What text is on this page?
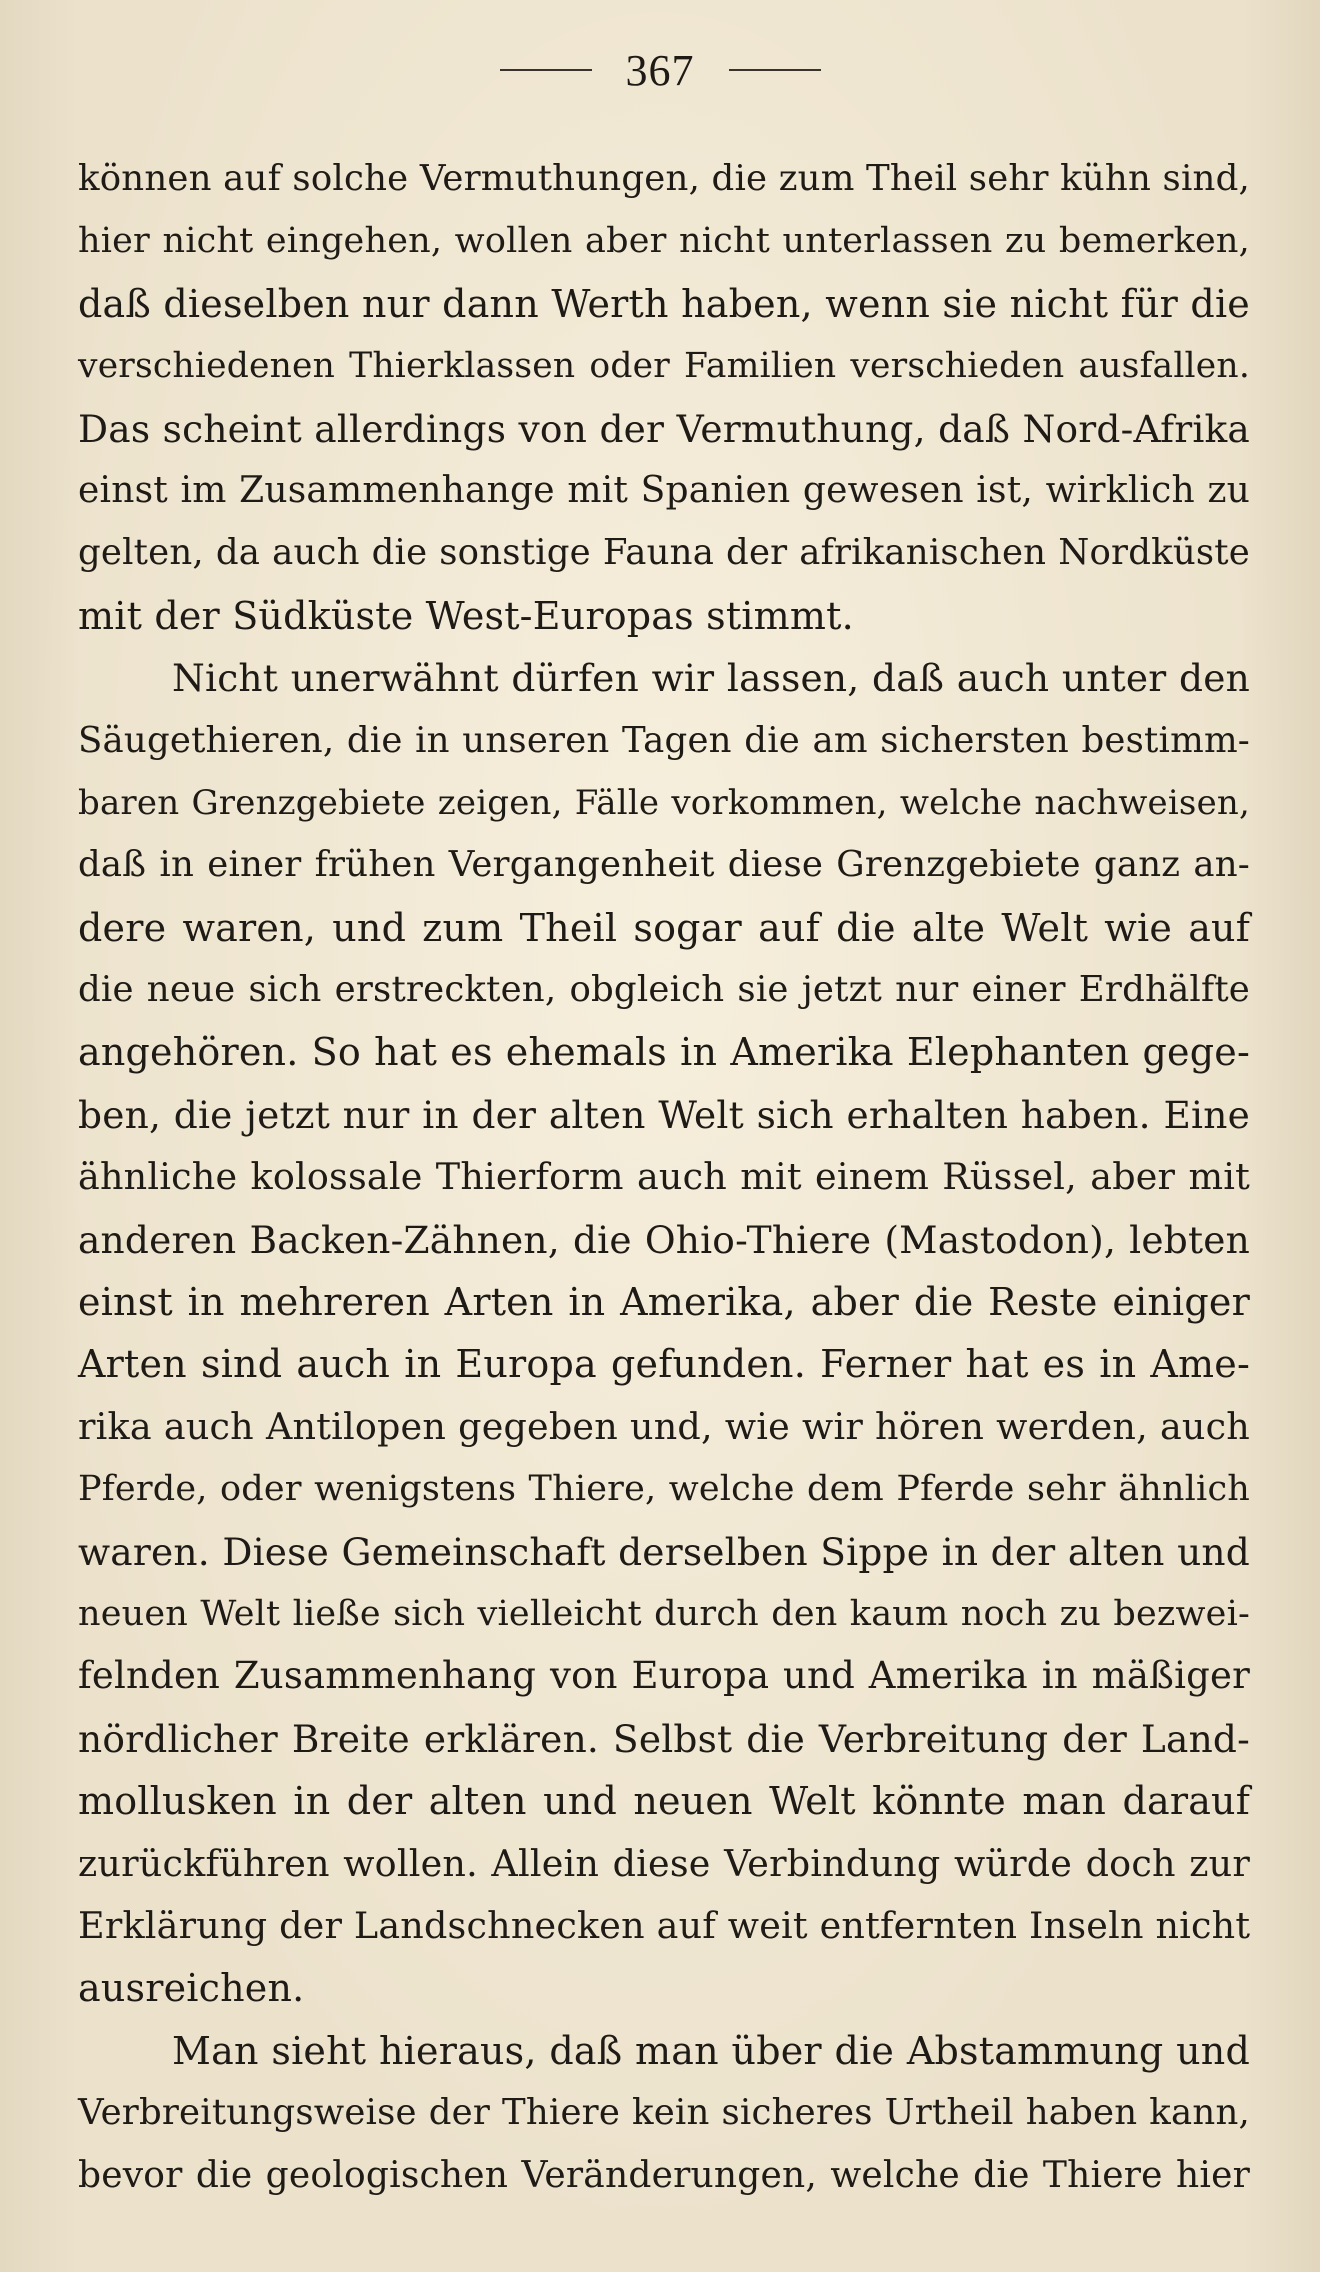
367
können auf solche Vermuthungen, die zum Theil sehr kühn sind,
hier nicht eingehen, wollen aber nicht unterlassen zu bemerken,
daß dieselben nur dann Werth haben, wenn sie nicht für die
verschiedenen Thierklassen oder Familien verschieden ausfallen.
Das scheint allerdings von der Vermuthung, daß Nord-Afrika
einst im Zusammenhange mit Spanien gewesen ist, wirklich zu
gelten, da auch die sonstige Fauna der afrikanischen Nordküste
mit der Südküste West-Europas stimmt.
Nicht unerwähnt dürfen wir lassen, daß auch unter den
Säugethieren, die in unseren Tagen die am sichersten bestimm-
baren Grenzgebiete zeigen, Fälle vorkommen, welche nachweisen,
daß in einer frühen Vergangenheit diese Grenzgebiete ganz an-
dere waren, und zum Theil sogar auf die alte Welt wie auf
die neue sich erstreckten, obgleich sie jetzt nur einer Erdhälfte
angehören. So hat es ehemals in Amerika Elephanten gege-
ben, die jetzt nur in der alten Welt sich erhalten haben. Eine
ähnliche kolossale Thierform auch mit einem Rüssel, aber mit
anderen Backen-Zähnen, die Ohio-Thiere (Mastodon), lebten
einst in mehreren Arten in Amerika, aber die Reste einiger
Arten sind auch in Europa gefunden. Ferner hat es in Ame-
rika auch Antilopen gegeben und, wie wir hören werden, auch
Pferde, oder wenigstens Thiere, welche dem Pferde sehr ähnlich
waren. Diese Gemeinschaft derselben Sippe in der alten und
neuen Welt ließe sich vielleicht durch den kaum noch zu bezwei-
felnden Zusammenhang von Europa und Amerika in mäßiger
nördlicher Breite erklären. Selbst die Verbreitung der Land-
mollusken in der alten und neuen Welt könnte man darauf
zurückführen wollen. Allein diese Verbindung würde doch zur
Erklärung der Landschnecken auf weit entfernten Inseln nicht
ausreichen.
Man sieht hieraus, daß man über die Abstammung und
Verbreitungsweise der Thiere kein sicheres Urtheil haben kann,
bevor die geologischen Veränderungen, welche die Thiere hier
